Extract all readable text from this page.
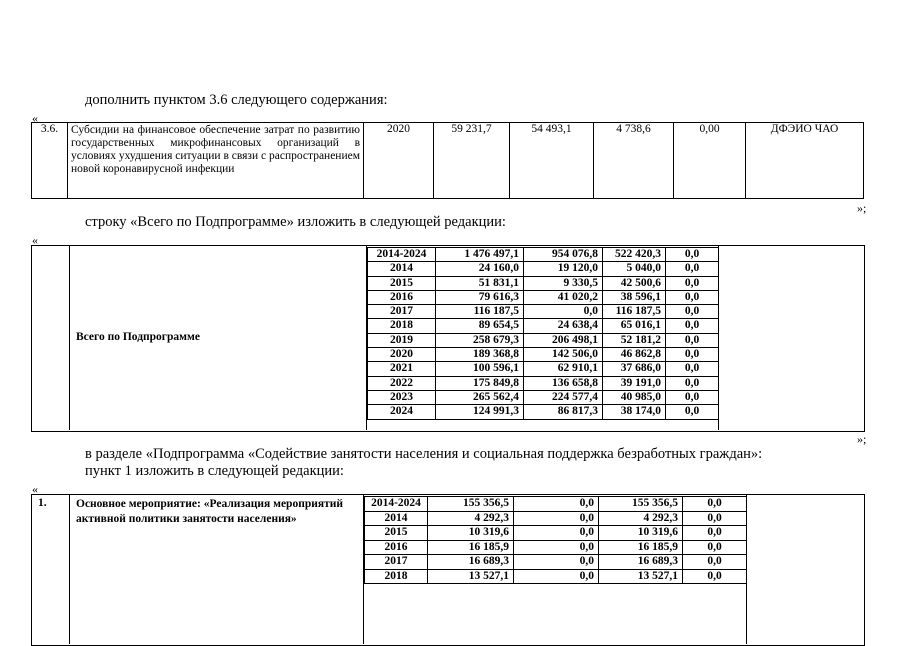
дополнить пунктом 3.6 следующего содержания:
«
3.6.	Субсидии на финансовое обеспечение затрат по развитию государственных микрофинансовых организаций в условиях ухудшения ситуации в связи с распространением новой коронавирусной инфекции	2020	59 231,7	54 493,1	4 738,6	0,00	ДФЭИО ЧАО
»;
строку «Всего по Подпрограмме» изложить в следующей редакции:
«
Всего по Подпрограмме
2014-2024	1 476 497,1	954 076,8	522 420,3	0,0
2014	24 160,0	19 120,0	5 040,0	0,0
2015	51 831,1	9 330,5	42 500,6	0,0
2016	79 616,3	41 020,2	38 596,1	0,0
2017	116 187,5	0,0	116 187,5	0,0
2018	89 654,5	24 638,4	65 016,1	0,0
2019	258 679,3	206 498,1	52 181,2	0,0
2020	189 368,8	142 506,0	46 862,8	0,0
2021	100 596,1	62 910,1	37 686,0	0,0
2022	175 849,8	136 658,8	39 191,0	0,0
2023	265 562,4	224 577,4	40 985,0	0,0
2024	124 991,3	86 817,3	38 174,0	0,0
»;
в разделе «Подпрограмма «Содействие занятости населения и социальная поддержка безработных граждан»:
пункт 1 изложить в следующей редакции:
«
1.	Основное мероприятие: «Реализация мероприятий активной политики занятости населения»
2014-2024	155 356,5	0,0	155 356,5	0,0
2014	4 292,3	0,0	4 292,3	0,0
2015	10 319,6	0,0	10 319,6	0,0
2016	16 185,9	0,0	16 185,9	0,0
2017	16 689,3	0,0	16 689,3	0,0
2018	13 527,1	0,0	13 527,1	0,0
